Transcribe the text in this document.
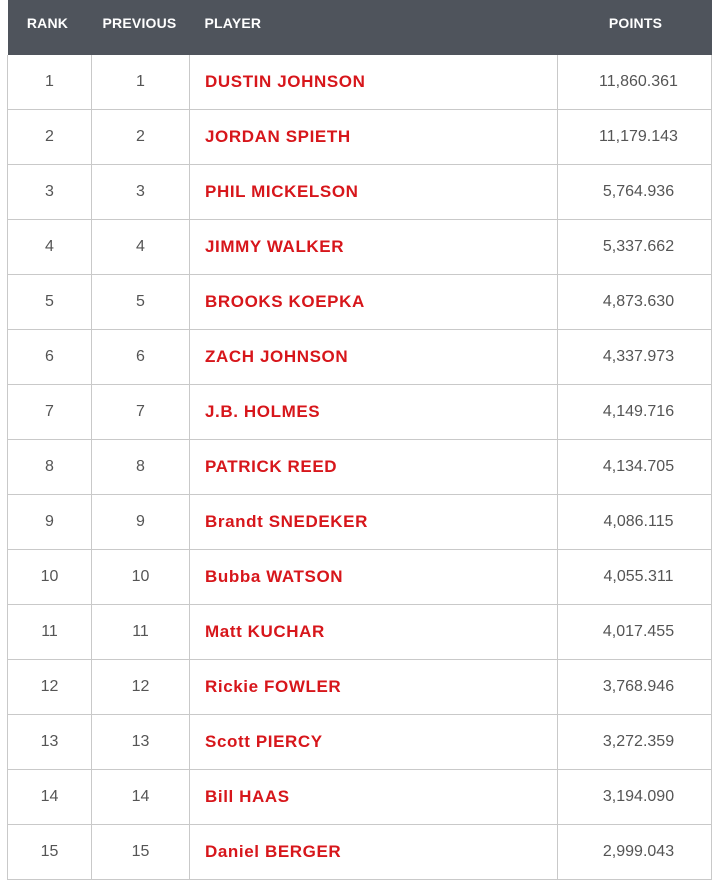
RANK	PREVIOUS	PLAYER	POINTS

1	1	DUSTIN JOHNSON	11,860.361
2	2	JORDAN SPIETH	11,179.143
3	3	PHIL MICKELSON	5,764.936
4	4	JIMMY WALKER	5,337.662
5	5	BROOKS KOEPKA	4,873.630
6	6	ZACH JOHNSON	4,337.973
7	7	J.B. HOLMES	4,149.716
8	8	PATRICK REED	4,134.705
9	9	Brandt SNEDEKER	4,086.115
10	10	Bubba WATSON	4,055.311
11	11	Matt KUCHAR	4,017.455
12	12	Rickie FOWLER	3,768.946
13	13	Scott PIERCY	3,272.359
14	14	Bill HAAS	3,194.090
15	15	Daniel BERGER	2,999.043
